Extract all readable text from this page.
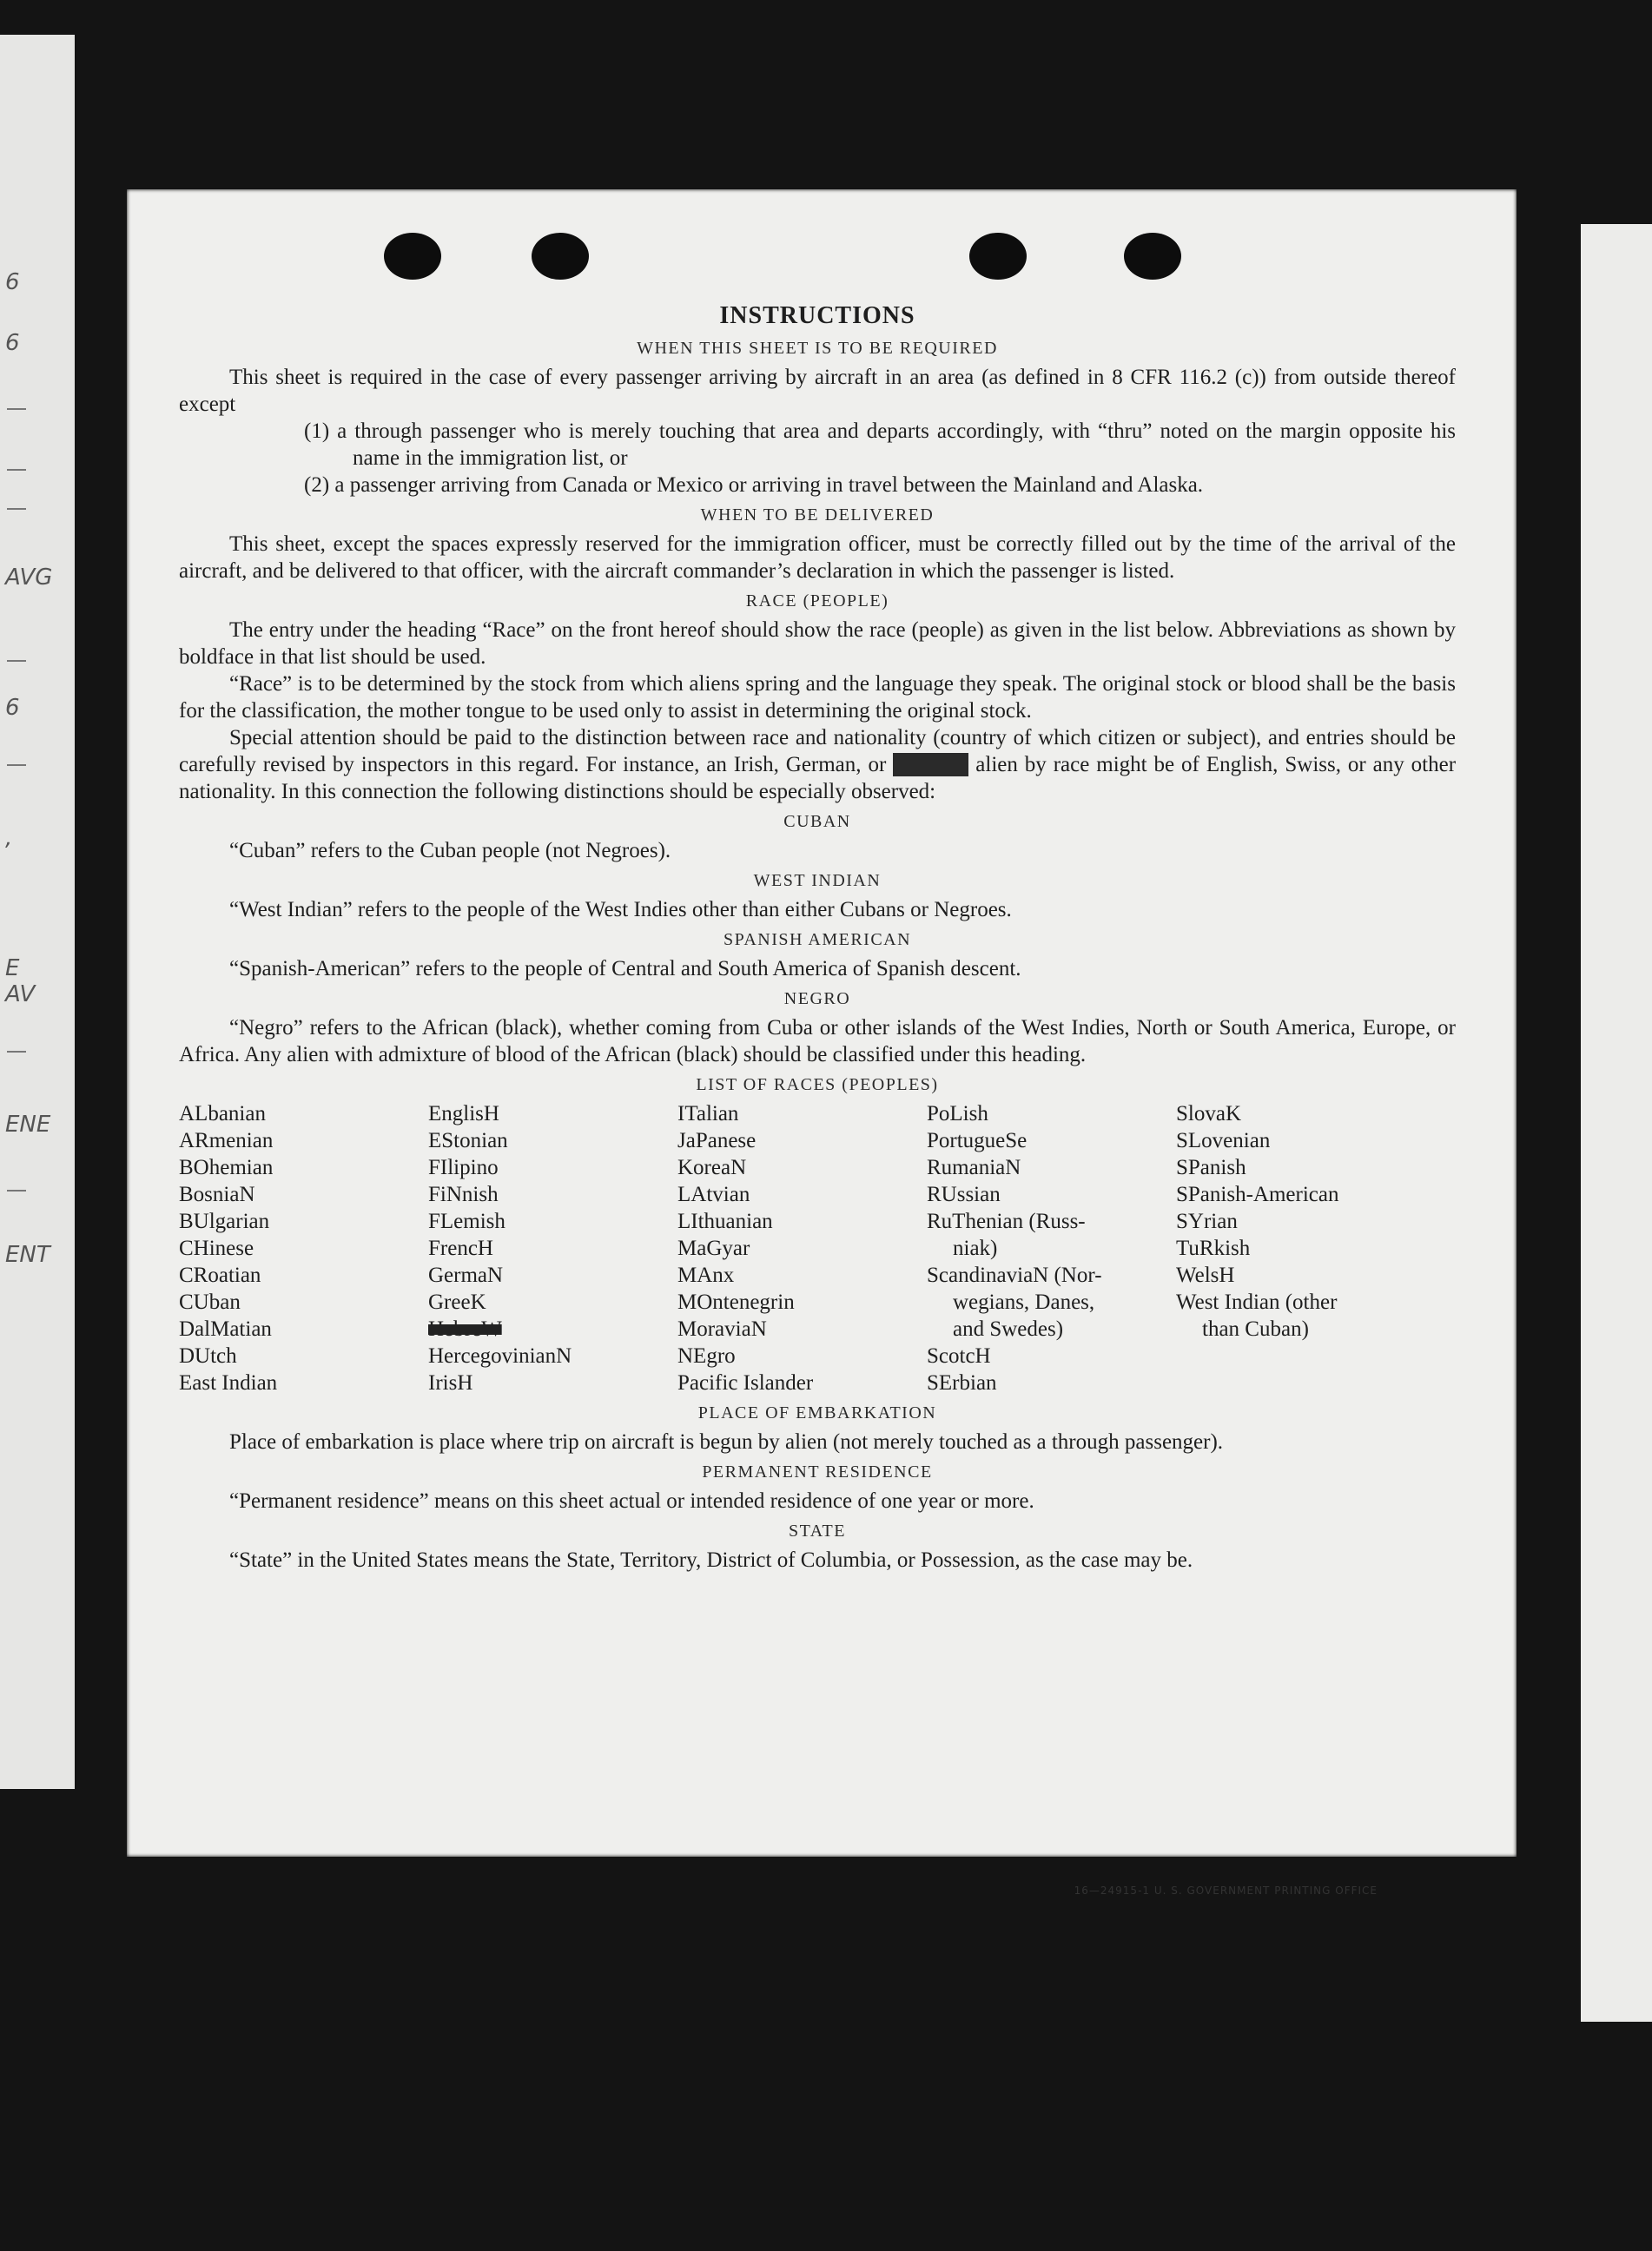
6
6
AVG
6
,
E
AV
ENE
ENT
INSTRUCTIONS
WHEN THIS SHEET IS TO BE REQUIRED

This sheet is required in the case of every passenger arriving by aircraft in an area (as defined in 8 CFR 116.2 (c)) from outside thereof except

(1) a through passenger who is merely touching that area and departs accordingly, with “thru” noted on the margin opposite his name in the immigration list, or

(2) a passenger arriving from Canada or Mexico or arriving in travel between the Mainland and Alaska.

WHEN TO BE DELIVERED

This sheet, except the spaces expressly reserved for the immigration officer, must be correctly filled out by the time of the arrival of the aircraft, and be delivered to that officer, with the aircraft commander’s declaration in which the passenger is listed.

RACE (PEOPLE)

The entry under the heading “Race” on the front hereof should show the race (people) as given in the list below. Abbreviations as shown by boldface in that list should be used.

“Race” is to be determined by the stock from which aliens spring and the language they speak. The original stock or blood shall be the basis for the classification, the mother tongue to be used only to assist in determining the original stock.

Special attention should be paid to the distinction between race and nationality (country of which citizen or subject), and entries should be carefully revised by inspectors in this regard. For instance, an Irish, German, or	alien by race might be of English, Swiss, or any other nationality. In this connection the following distinctions should be especially observed:

CUBAN

“Cuban” refers to the Cuban people (not Negroes).

WEST INDIAN

“West Indian” refers to the people of the West Indies other than either Cubans or Negroes.

SPANISH AMERICAN

“Spanish-American” refers to the people of Central and South America of Spanish descent.

NEGRO

“Negro” refers to the African (black), whether coming from Cuba or other islands of the West Indies, North or South America, Europe, or Africa. Any alien with admixture of blood of the African (black) should be classified under this heading.

LIST OF RACES (PEOPLES)
ALbanian
ARmenian
BOhemian
BosniaN
BUlgarian
CHinese
CRoatian
CUban
DalMatian
DUtch
East Indian
EnglisH
EStonian
FIlipino
FiNnish
FLemish
FrencH
GermaN
GreeK
HebreW
HercegovinianN
IrisH
ITalian
JaPanese
KoreaN
LAtvian
LIthuanian
MaGyar
MAnx
MOntenegrin
MoraviaN
NEgro
Pacific Islander
PoLish
PortugueSe
RumaniaN
RUssian
RuThenian (Russ-
niak)
ScandinaviaN (Nor-
wegians, Danes,
and Swedes)
ScotcH
SErbian
SlovaK
SLovenian
SPanish
SPanish-American
SYrian
TuRkish
WelsH
West Indian (other
than Cuban)
PLACE OF EMBARKATION

Place of embarkation is place where trip on aircraft is begun by alien (not merely touched as a through passenger).

PERMANENT RESIDENCE

“Permanent residence” means on this sheet actual or intended residence of one year or more.

STATE

“State” in the United States means the State, Territory, District of Columbia, or Possession, as the case may be.

16—24915-1 U. S. GOVERNMENT PRINTING OFFICE
